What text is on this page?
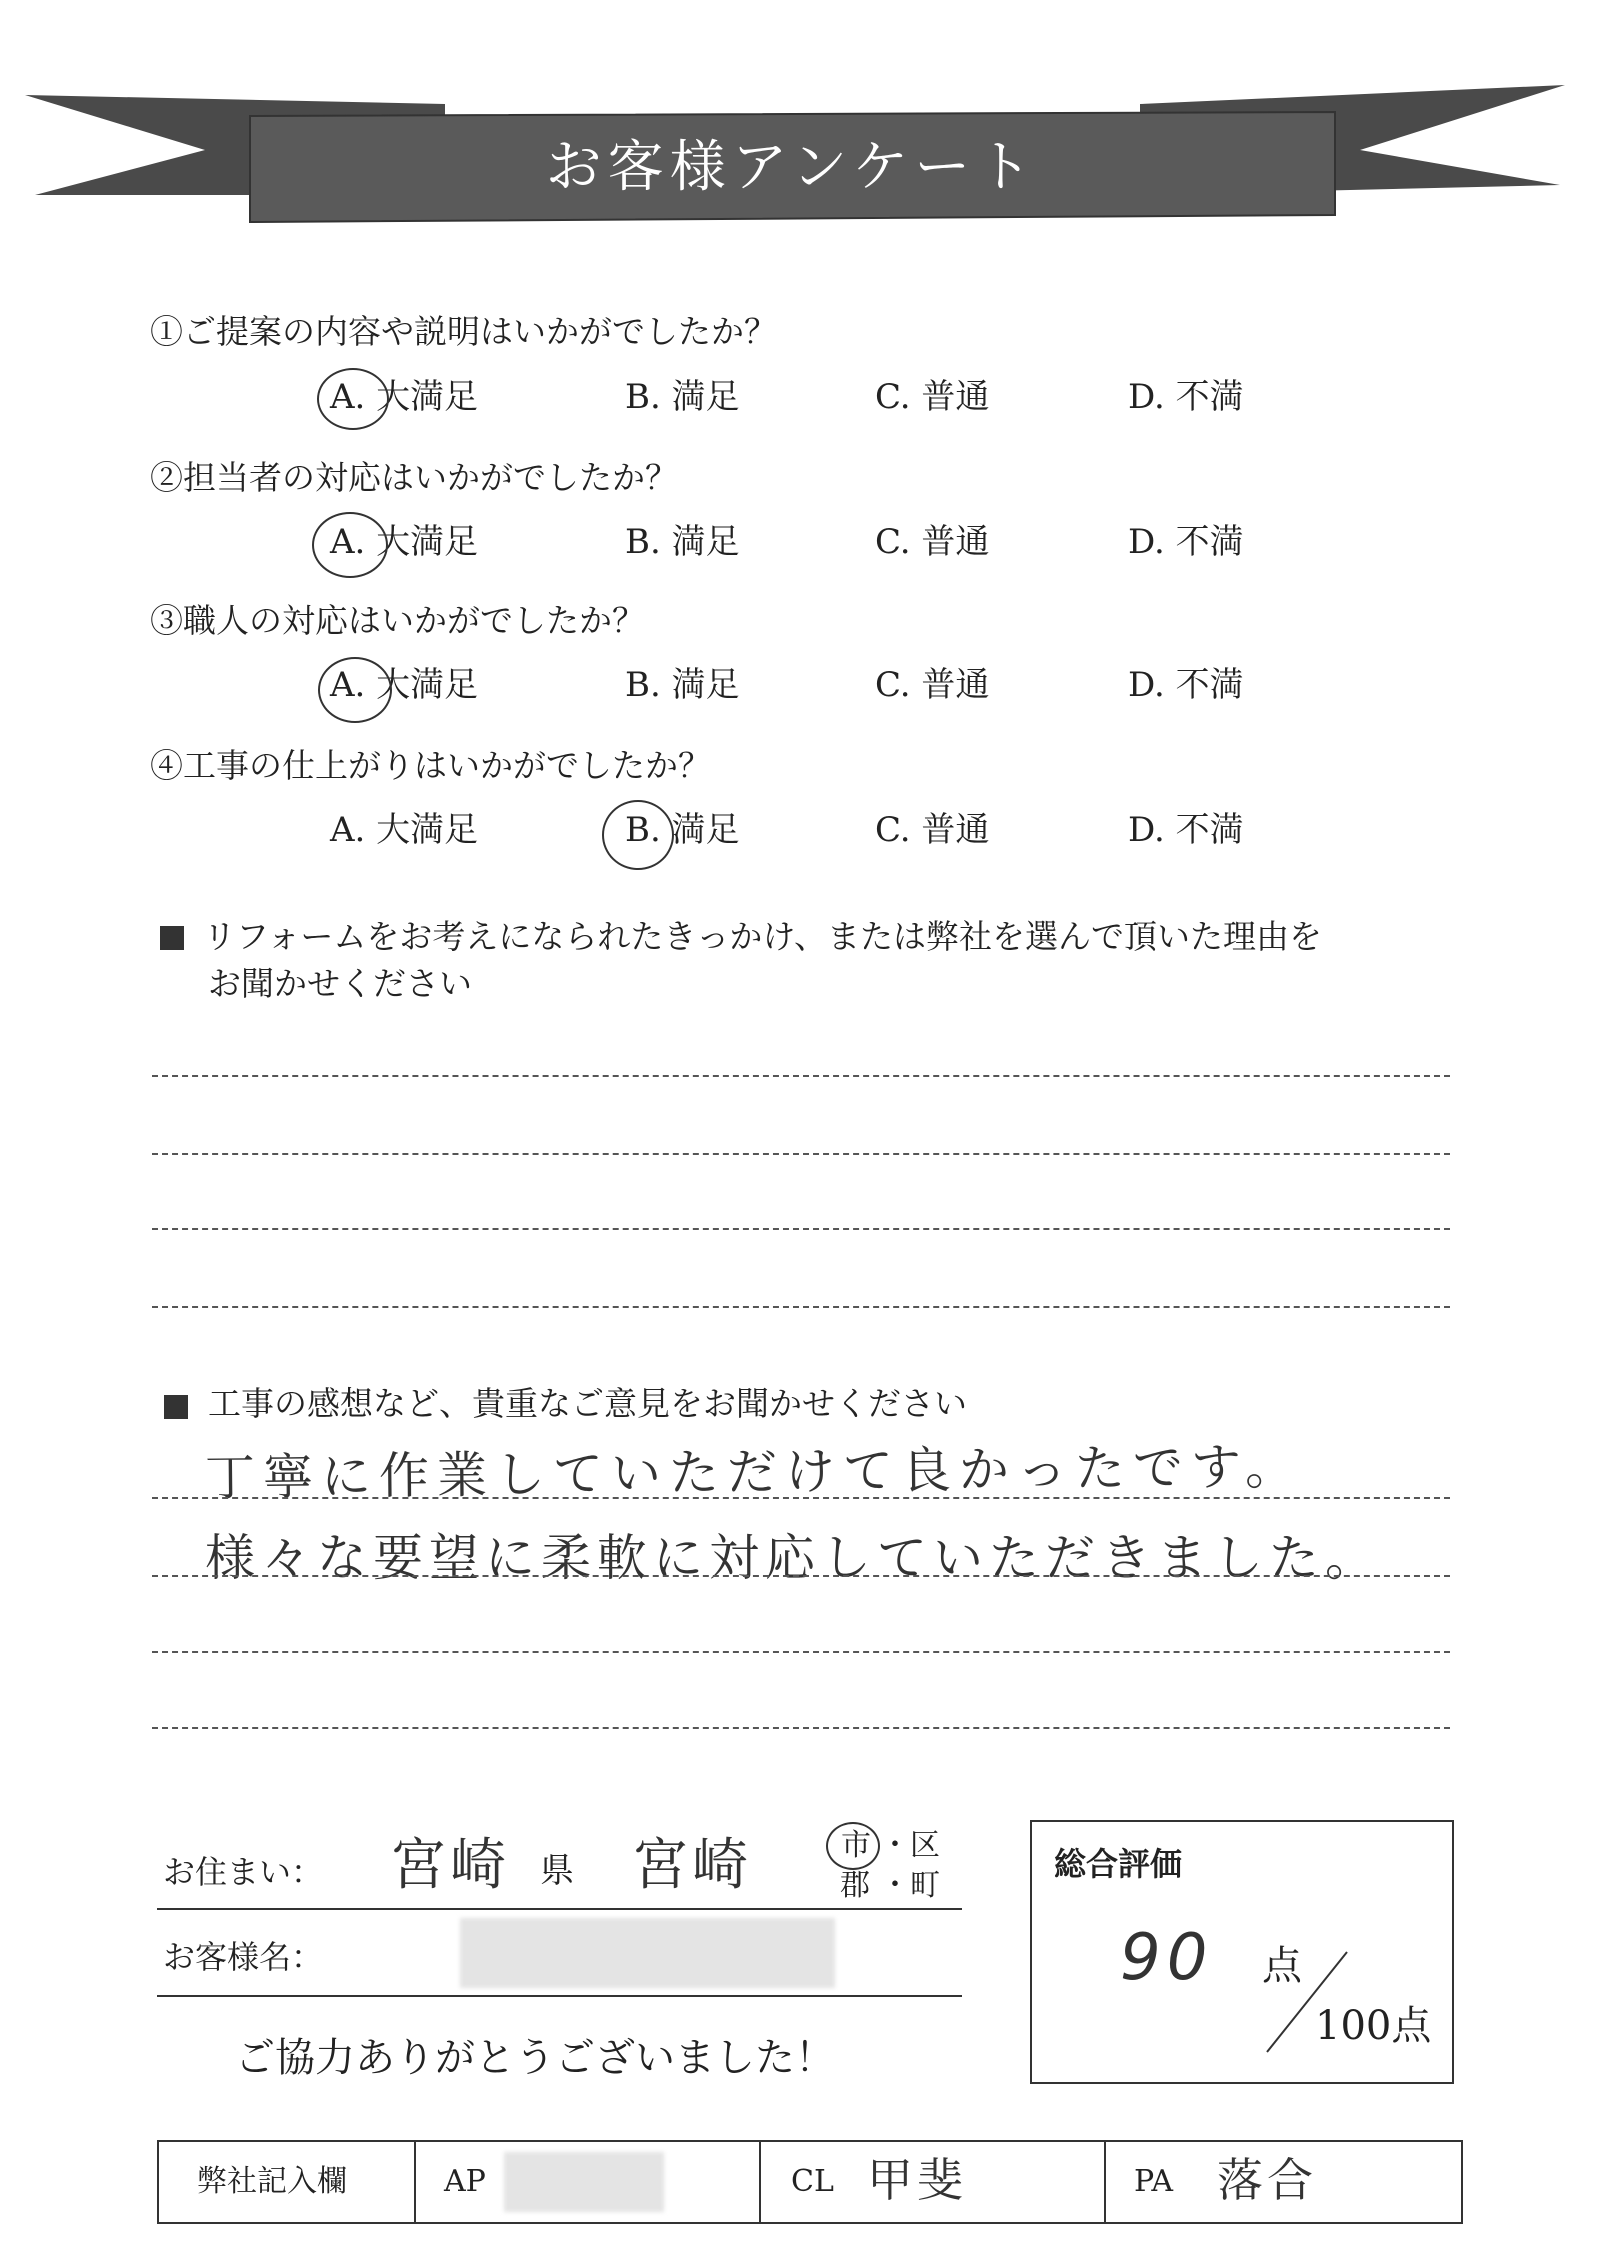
お客様アンケート
①ご提案の内容や説明はいかがでしたか？
A. 大満足	B. 満足	C. 普通	D. 不満
②担当者の対応はいかがでしたか？
A. 大満足	B. 満足	C. 普通	D. 不満
③職人の対応はいかがでしたか？
A. 大満足	B. 満足	C. 普通	D. 不満
④工事の仕上がりはいかがでしたか？
A. 大満足	B. 満足	C. 普通	D. 不満
リフォームをお考えになられたきっかけ、または弊社を選んで頂いた理由を
お聞かせください
工事の感想など、貴重なご意見をお聞かせください
丁寧に作業していただけて良かったです。
様々な要望に柔軟に対応していただきました。
お住まい： 宮崎 県 宮崎	市 ・区
郡 ・町
お客様名：
ご協力ありがとうございました！
総合評価
90 点
100点
弊社記入欄	AP	CL 甲斐	PA 落合
